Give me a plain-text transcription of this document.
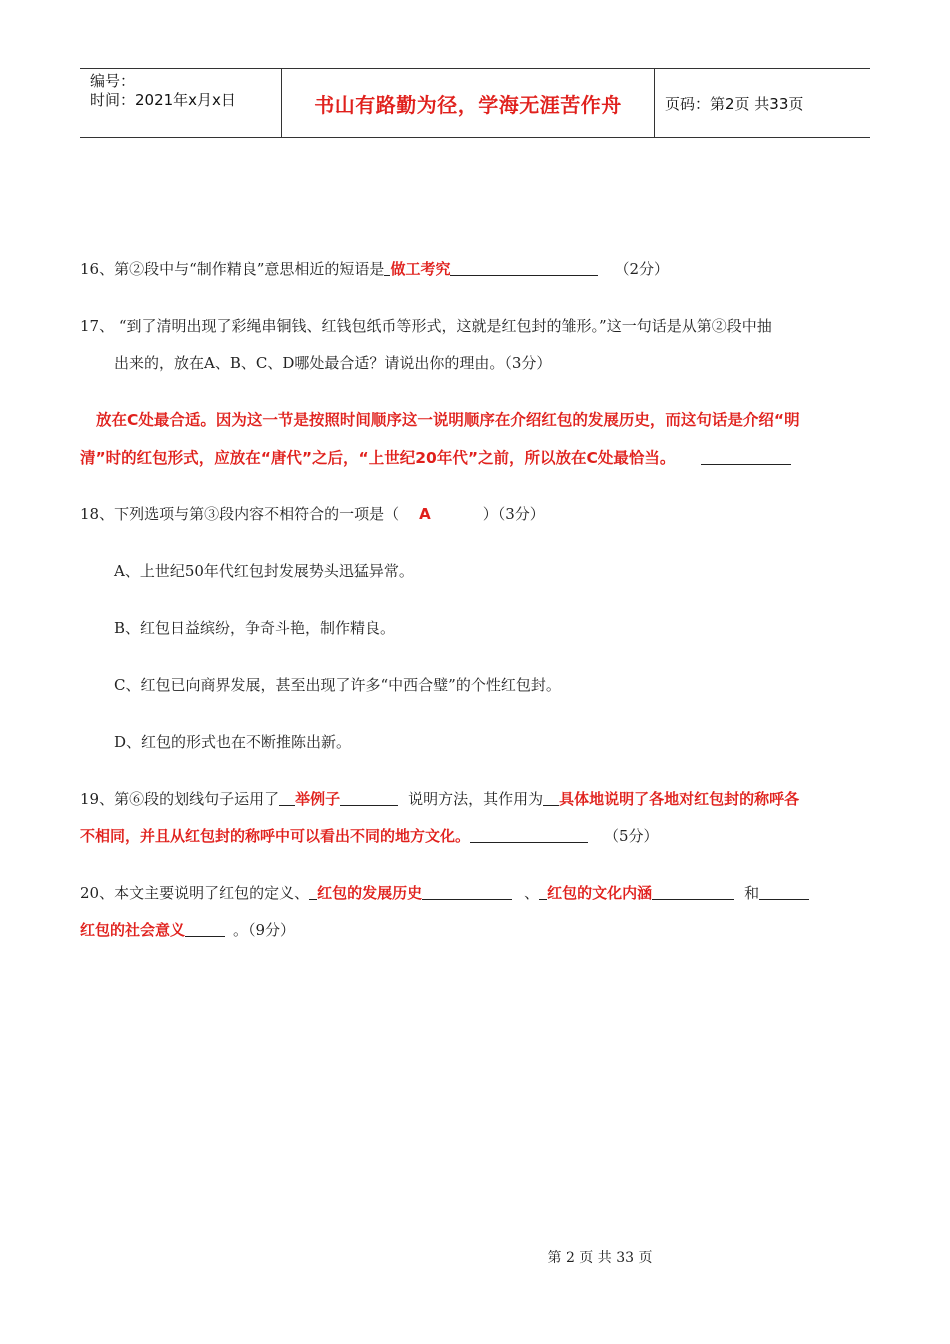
编号：
时间：2021年x月x日	书山有路勤为径，学海无涯苦作舟	页码：第2页 共33页
16、第②段中与“制作精良”意思相近的短语是 做工考究	（2分）
17、 “到了清明出现了彩绳串铜钱、红钱包纸币等形式，这就是红包封的雏形。”这一句话是从第②段中抽
出来的，放在A、B、C、D哪处最合适？请说出你的理由。（3分）
放在C处最合适。因为这一节是按照时间顺序这一说明顺序在介绍红包的发展历史，而这句话是介绍“明
清”时的红包形式，应放在“唐代”之后，“上世纪20年代”之前，所以放在C处最恰当。
18、下列选项与第③段内容不相符合的一项是（ A	）（3分）
A、上世纪50年代红包封发展势头迅猛异常。
B、红包日益缤纷，争奇斗艳，制作精良。
C、红包已向商界发展，甚至出现了许多“中西合璧”的个性红包封。
D、红包的形式也在不断推陈出新。
19、第⑥段的划线句子运用了 举例子	说明方法，其作用为 具体地说明了各地对红包封的称呼各
不相同，并且从红包封的称呼中可以看出不同的地方文化。	（5分）
20、本文主要说明了红包的定义、 红包的发展历史	、 红包的文化内涵	和
红包的社会意义	。（9分）
第 2 页 共 33 页
